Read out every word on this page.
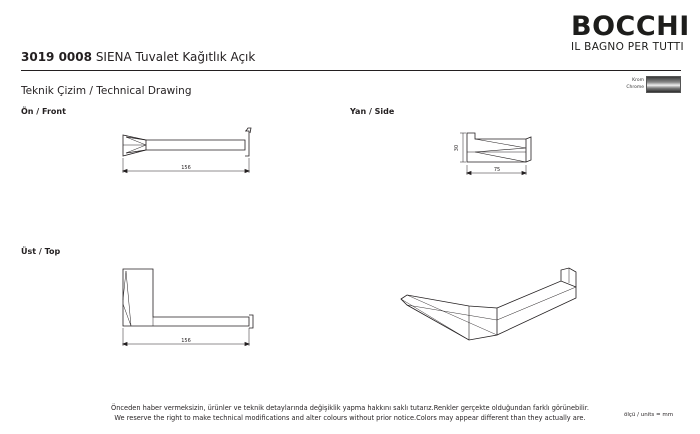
BOCCHI
IL BAGNO PER TUTTI
3019 0008 SIENA Tuvalet Kağıtlık Açık
Teknik Çizim / Technical Drawing
Ön / Front	Yan / Side
Üst / Top
Krom
Chrome
156
30
75
156
Önceden haber vermeksizin, ürünler ve teknik detaylarında değişiklik yapma hakkını saklı tutarız.Renkler gerçekte olduğundan farklı görünebilir.
We reserve the right to make technical modifications and alter colours without prior notice.Colors may appear different than they actually are.	ölçü / units = mm
